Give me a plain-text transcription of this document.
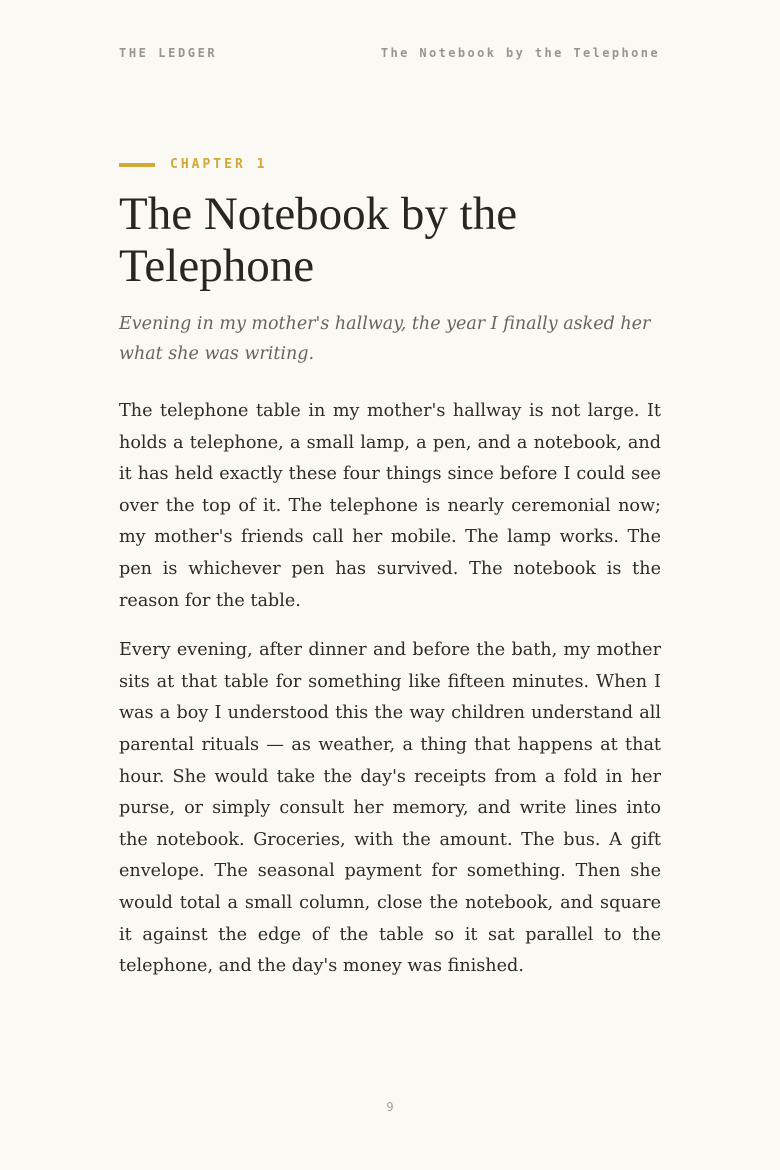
THE LEDGER	The Notebook by the Telephone
CHAPTER 1
The Notebook by the Telephone

Evening in my mother's hallway, the year I finally asked her what she was writing.

The telephone table in my mother's hallway is not large. It holds a telephone, a small lamp, a pen, and a notebook, and it has held exactly these four things since before I could see over the top of it. The telephone is nearly ceremonial now; my mother's friends call her mobile. The lamp works. The pen is whichever pen has survived. The notebook is the reason for the table.

Every evening, after dinner and before the bath, my mother sits at that table for something like fifteen minutes. When I was a boy I understood this the way children understand all parental rituals — as weather, a thing that happens at that hour. She would take the day's receipts from a fold in her purse, or simply consult her memory, and write lines into the notebook. Groceries, with the amount. The bus. A gift envelope. The seasonal payment for something. Then she would total a small column, close the notebook, and square it against the edge of the table so it sat parallel to the telephone, and the day's money was finished.

9
